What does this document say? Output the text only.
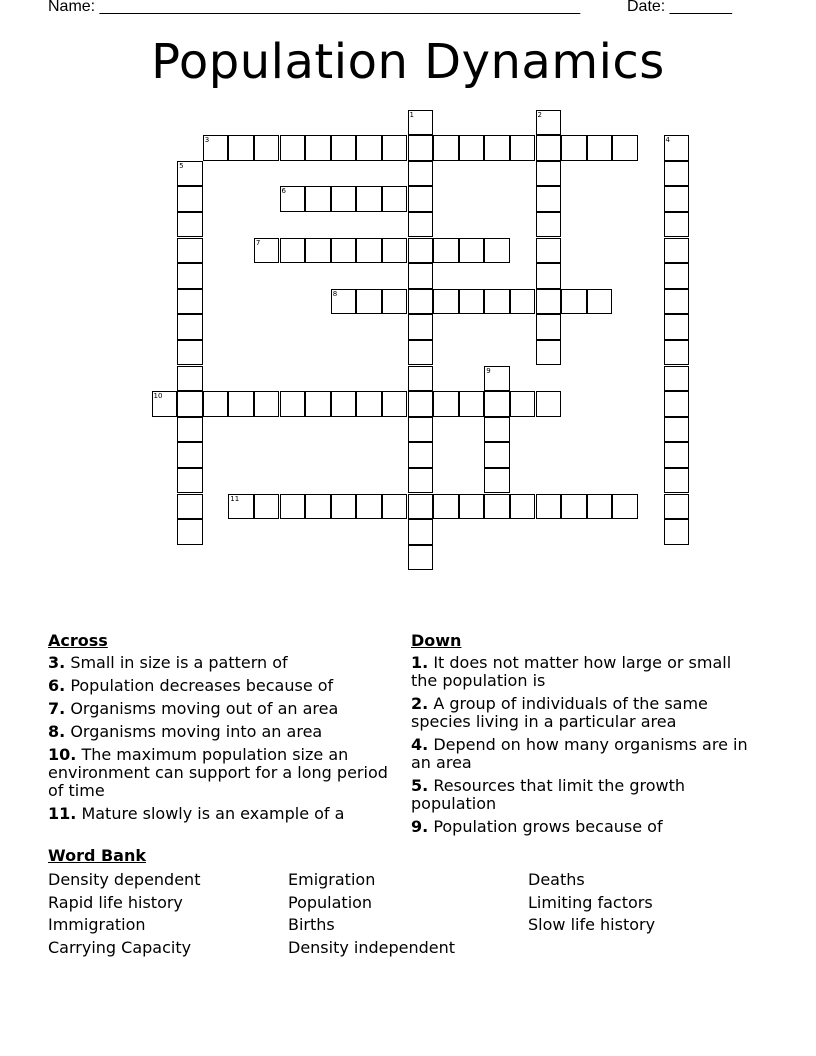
Name: ______________________________________________________	Date: _______
Population Dynamics
1	2
3	4
5
6
7
8
9
10
11
Across
3. Small in size is a pattern of
6. Population decreases because of
7. Organisms moving out of an area
8. Organisms moving into an area
10. The maximum population size an environment can support for a long period of time
11. Mature slowly is an example of a
Down
1. It does not matter how large or small the population is
2. A group of individuals of the same species living in a particular area
4. Depend on how many organisms are in an area
5. Resources that limit the growth population
9. Population grows because of
Word Bank
Density dependent	Emigration	Deaths
Rapid life history	Population	Limiting factors
Immigration	Births	Slow life history
Carrying Capacity	Density independent
